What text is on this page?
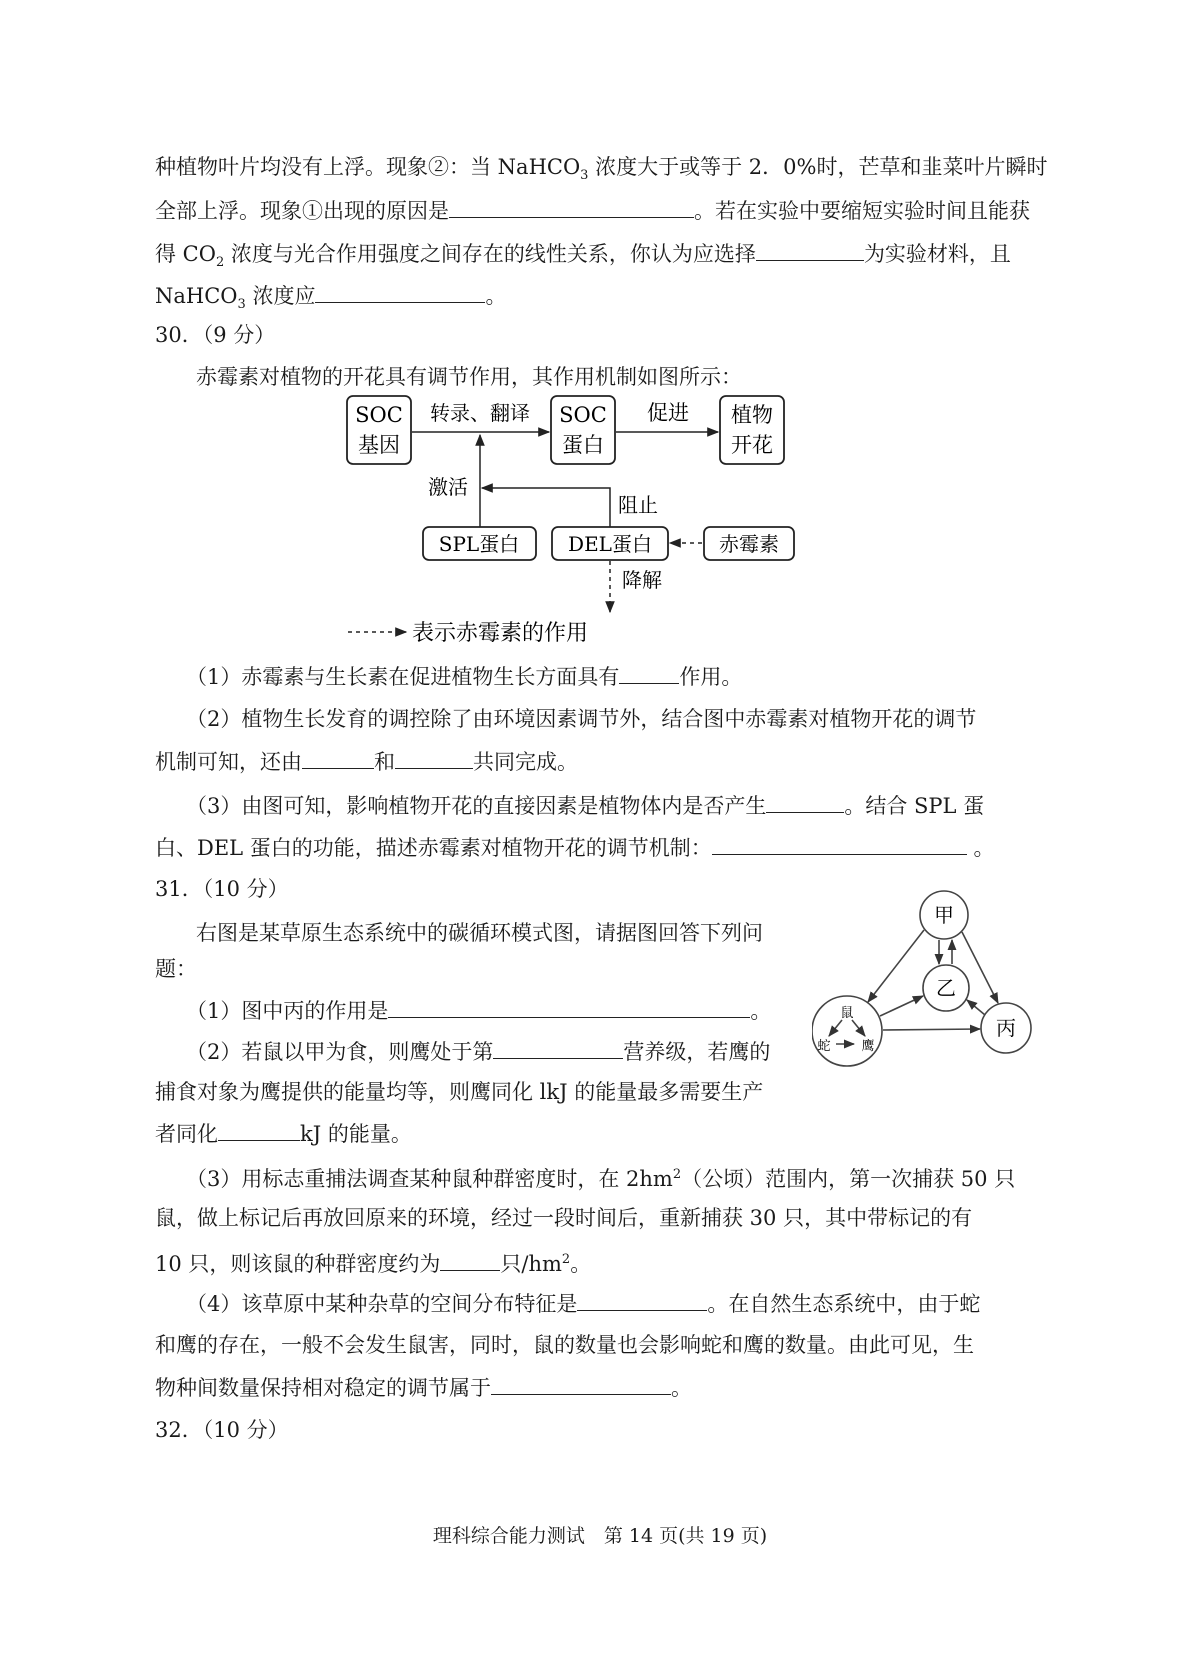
种植物叶片均没有上浮。现象②：当 NaHCO$_3$ 浓度大于或等于 2．0%时，芒草和韭菜叶片瞬时
全部上浮。现象①出现的原因是	。若在实验中要缩短实验时间且能获
得 $CO_2$ 浓度与光合作用强度之间存在的线性关系，你认为应选择	为实验材料，且
NaHCO$_3$ 浓度应	。
30．（9 分）
赤霉素对植物的开花具有调节作用，其作用机制如图所示：
SOC
基因
转录、翻译 SOC
蛋白
促进 植物
开花
激活
阻止
SPL蛋白 DEL蛋白	赤霉素
降解
表示赤霉素的作用
（1）赤霉素与生长素在促进植物生长方面具有	作用。
（2）植物生长发育的调控除了由环境因素调节外，结合图中赤霉素对植物开花的调节
机制可知，还由	和	共同完成。
（3）由图可知，影响植物开花的直接因素是植物体内是否产生	。结合 SPL 蛋
白、DEL 蛋白的功能，描述赤霉素对植物开花的调节机制：	。
31．（10 分）
右图是某草原生态系统中的碳循环模式图，请据图回答下列问
题：
（1）图中丙的作用是	。
（2）若鼠以甲为食，则鹰处于第	营养级，若鹰的
捕食对象为鹰提供的能量均等，则鹰同化 lkJ 的能量最多需要生产
者同化	kJ 的能量。
甲
乙
丙
鼠
蛇 鹰
（3）用标志重捕法调查某种鼠种群密度时，在 $2hm^2$（公顷）范围内，第一次捕获 50 只
鼠，做上标记后再放回原来的环境，经过一段时间后，重新捕获 30 只，其中带标记的有
10 只，则该鼠的种群密度约为	只$/hm^2$。
（4）该草原中某种杂草的空间分布特征是	。在自然生态系统中，由于蛇
和鹰的存在，一般不会发生鼠害，同时，鼠的数量也会影响蛇和鹰的数量。由此可见，生
物种间数量保持相对稳定的调节属于	。
32．（10 分）
理科综合能力测试　第 14 页(共 19 页)
